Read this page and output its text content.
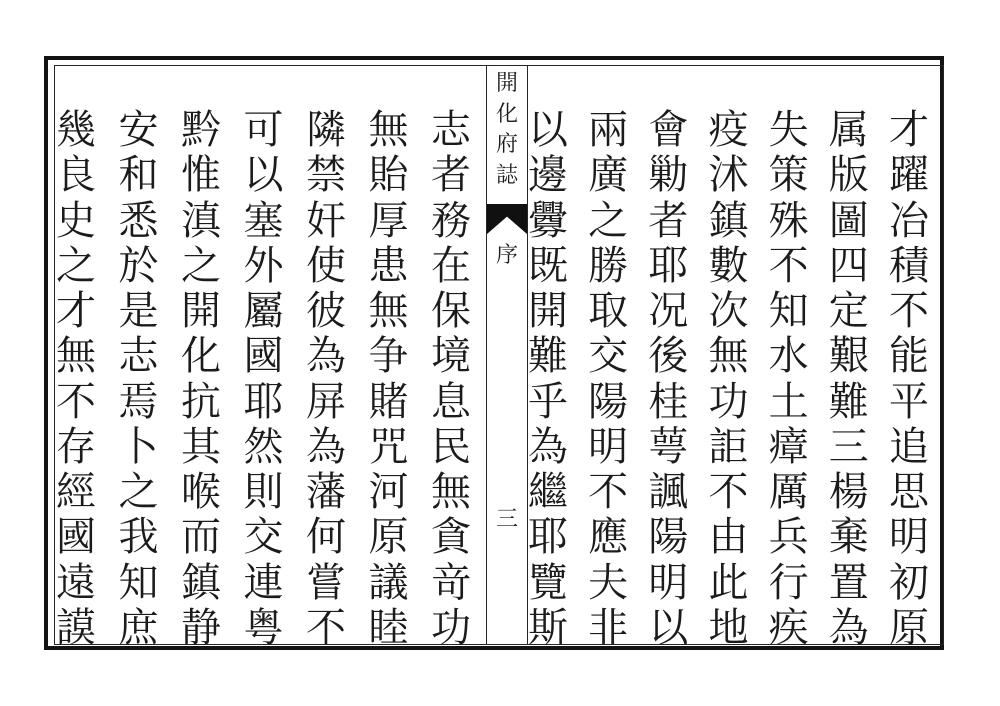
才
躍
冶
積
不
能
平
追
思
明
初
原
属
版
圖
四
定
艱
難
三
楊
棄
置
為
失
策
殊
不
知
水
土
瘴
厲
兵
行
疾
疫
沭
鎮
數
次
無
功
詎
不
由
此
地
會
勦
者
耶
况
後
桂
萼
諷
陽
明
以
兩
廣
之
勝
取
交
陽
明
不
應
夫
非
以
邊
釁
既
開
難
乎
為
繼
耶
覽
斯
開
化
府
誌
序
三
志
者
務
在
保
境
息
民
無
貪
竒
功
無
貽
厚
患
無
争
賭
咒
河
原
議
睦
隣
禁
奸
使
彼
為
屏
為
藩
何
嘗
不
可
以
塞
外
屬
國
耶
然
則
交
連
粤
黔
惟
滇
之
開
化
抗
其
喉
而
鎮
静
安
和
悉
於
是
志
焉
卜
之
我
知
庶
幾
良
史
之
才
無
不
存
經
國
遠
謨
